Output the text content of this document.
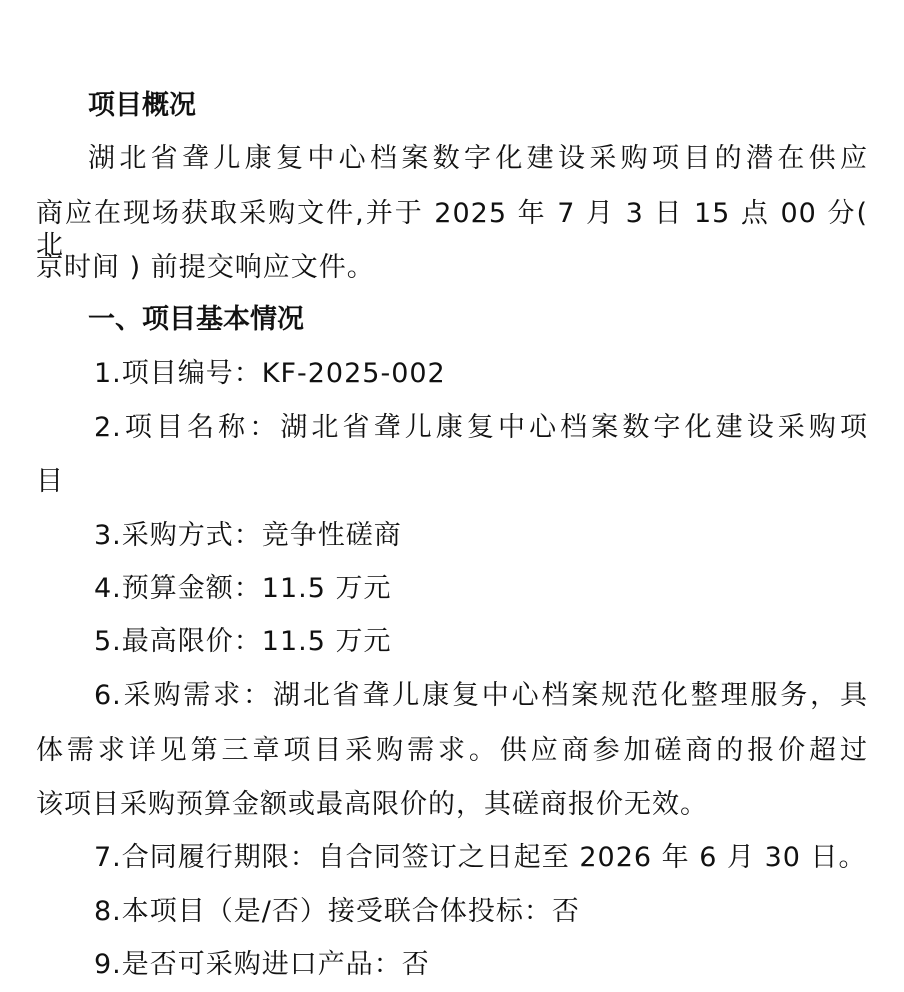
项目概况
湖北省聋儿康复中心档案数字化建设采购项目的潜在供应
商应在现场获取采购文件,并于 2025 年 7 月 3 日 15 点 00 分( 北
京时间 ) 前提交响应文件。
一、项目基本情况
1.项目编号：KF-2025-002
2.项目名称：湖北省聋儿康复中心档案数字化建设采购项
目
3.采购方式：竞争性磋商
4.预算金额：11.5 万元
5.最高限价：11.5 万元
6.采购需求：湖北省聋儿康复中心档案规范化整理服务，具
体需求详见第三章项目采购需求。供应商参加磋商的报价超过
该项目采购预算金额或最高限价的，其磋商报价无效。
7.合同履行期限：自合同签订之日起至 2026 年 6 月 30 日。
8.本项目（是/否）接受联合体投标：否
9.是否可采购进口产品：否
